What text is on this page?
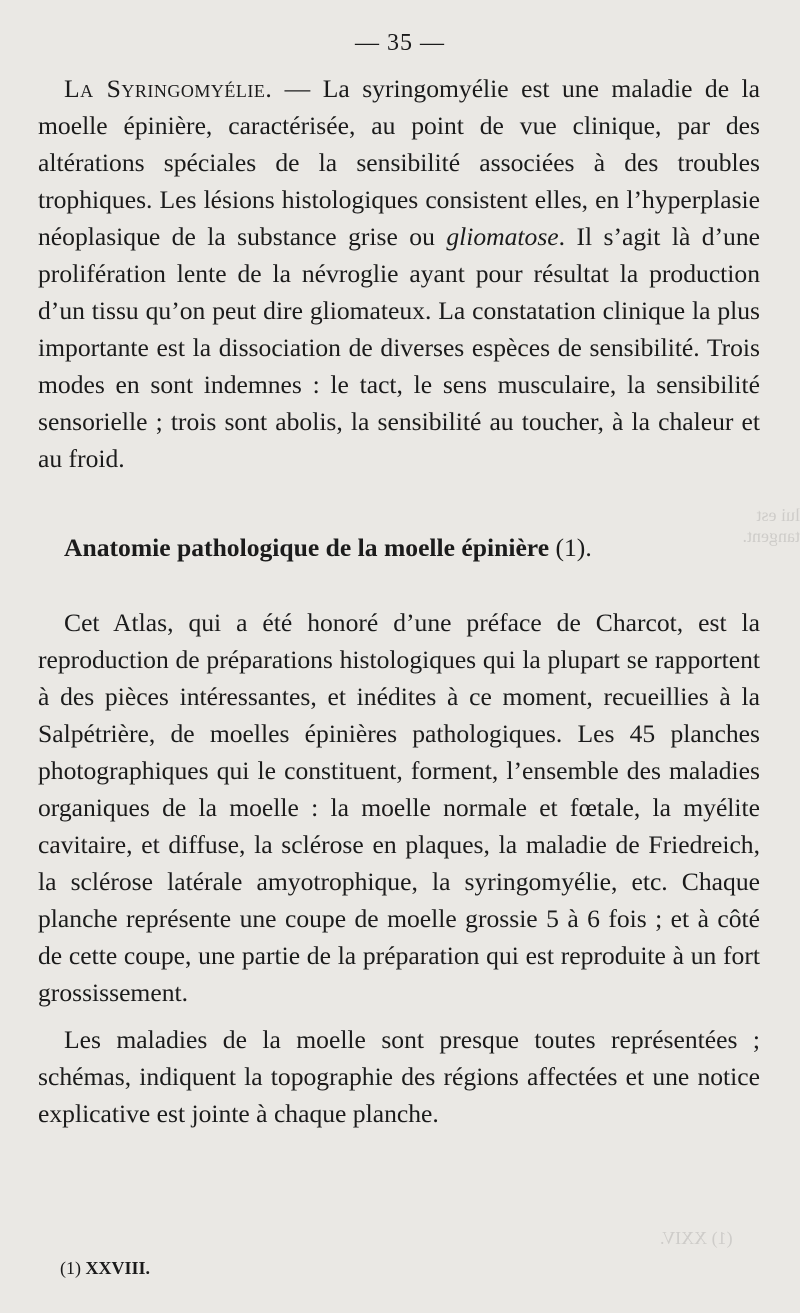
lui est tangent.
(1) XXIV.
— 35 —

La Syringomyélie. — La syringomyélie est une maladie de la moelle épinière, caractérisée, au point de vue clinique, par des altérations spéciales de la sensibilité associées à des troubles trophiques. Les lésions histologiques consistent elles, en l’hyperplasie néoplasique de la substance grise ou gliomatose. Il s’agit là d’une prolifération lente de la névroglie ayant pour résultat la production d’un tissu qu’on peut dire gliomateux. La constatation clinique la plus importante est la dissociation de diverses espèces de sensibilité. Trois modes en sont indemnes : le tact, le sens musculaire, la sensibilité sensorielle ; trois sont abolis, la sensibilité au toucher, à la chaleur et au froid.

Anatomie pathologique de la moelle épinière (1).

Cet Atlas, qui a été honoré d’une préface de Charcot, est la reproduction de préparations histologiques qui la plupart se rapportent à des pièces intéressantes, et inédites à ce moment, recueillies à la Salpétrière, de moelles épinières pathologiques. Les 45 planches photographiques qui le constituent, forment, l’ensemble des maladies organiques de la moelle : la moelle normale et fœtale, la myélite cavitaire, et diffuse, la sclérose en plaques, la maladie de Friedreich, la sclérose latérale amyotrophique, la syringomyélie, etc. Chaque planche représente une coupe de moelle grossie 5 à 6 fois ; et à côté de cette coupe, une partie de la préparation qui est reproduite à un fort grossissement.

Les maladies de la moelle sont presque toutes représentées ; schémas, indiquent la topographie des régions affectées et une notice explicative est jointe à chaque planche.

(1) XXVIII.
